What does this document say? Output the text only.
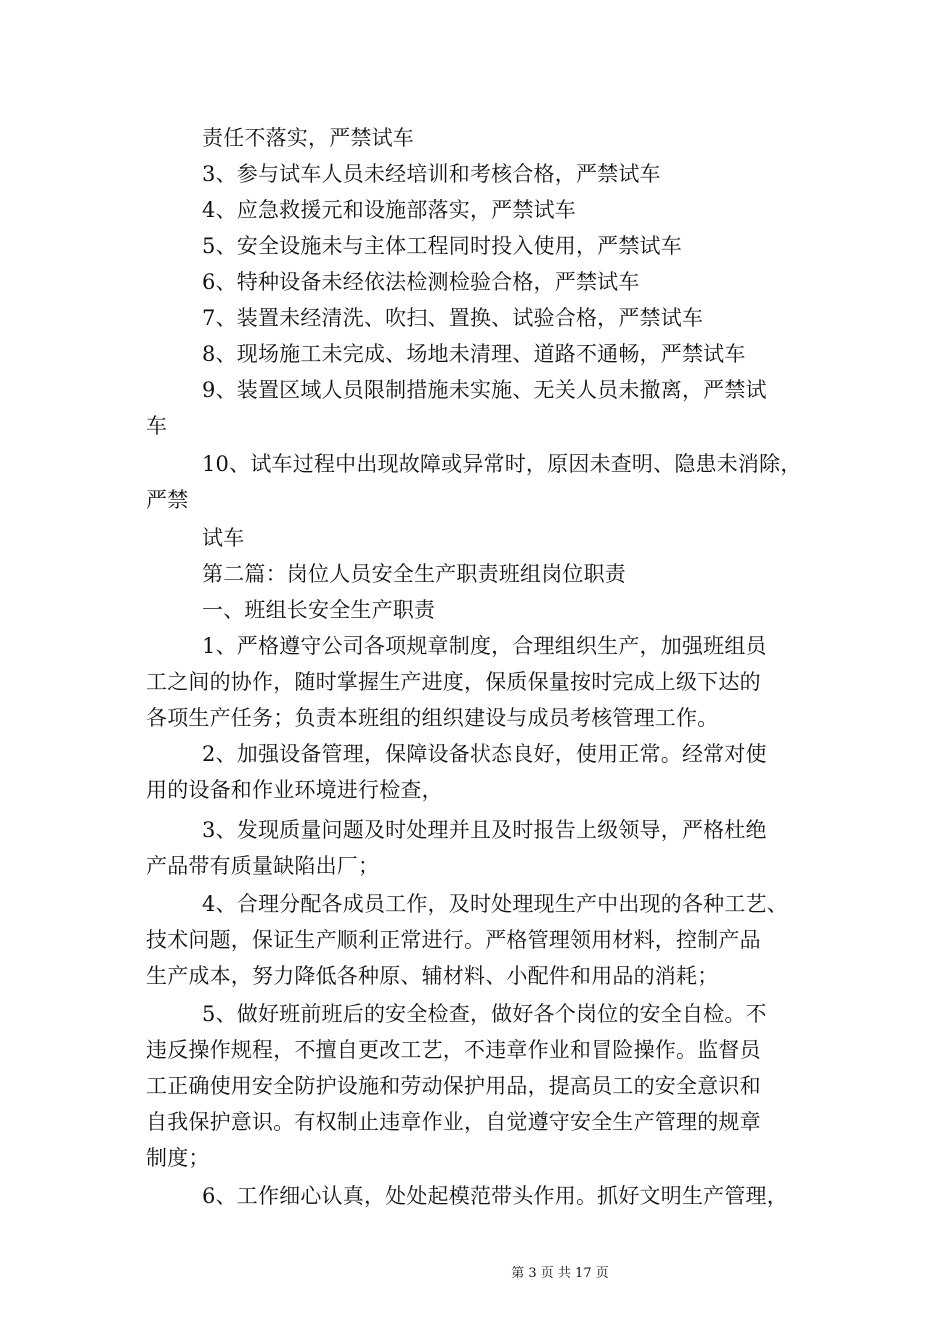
责任不落实，严禁试车
3、参与试车人员未经培训和考核合格，严禁试车
4、应急救援元和设施部落实，严禁试车
5、安全设施未与主体工程同时投入使用，严禁试车
6、特种设备未经依法检测检验合格，严禁试车
7、装置未经清洗、吹扫、置换、试验合格，严禁试车
8、现场施工未完成、场地未清理、道路不通畅，严禁试车
9、装置区域人员限制措施未实施、无关人员未撤离，严禁试
车
10、试车过程中出现故障或异常时，原因未查明、隐患未消除，
严禁
试车
第二篇：岗位人员安全生产职责班组岗位职责
一、班组长安全生产职责
1、严格遵守公司各项规章制度，合理组织生产，加强班组员
工之间的协作，随时掌握生产进度，保质保量按时完成上级下达的
各项生产任务；负责本班组的组织建设与成员考核管理工作。
2、加强设备管理，保障设备状态良好，使用正常。经常对使
用的设备和作业环境进行检查，
3、发现质量问题及时处理并且及时报告上级领导，严格杜绝
产品带有质量缺陷出厂；
4、合理分配各成员工作，及时处理现生产中出现的各种工艺、
技术问题，保证生产顺利正常进行。严格管理领用材料，控制产品
生产成本，努力降低各种原、辅材料、小配件和用品的消耗；
5、做好班前班后的安全检查，做好各个岗位的安全自检。不
违反操作规程，不擅自更改工艺，不违章作业和冒险操作。监督员
工正确使用安全防护设施和劳动保护用品，提高员工的安全意识和
自我保护意识。有权制止违章作业，自觉遵守安全生产管理的规章
制度；
6、工作细心认真，处处起模范带头作用。抓好文明生产管理，
第 3 页 共 17 页
